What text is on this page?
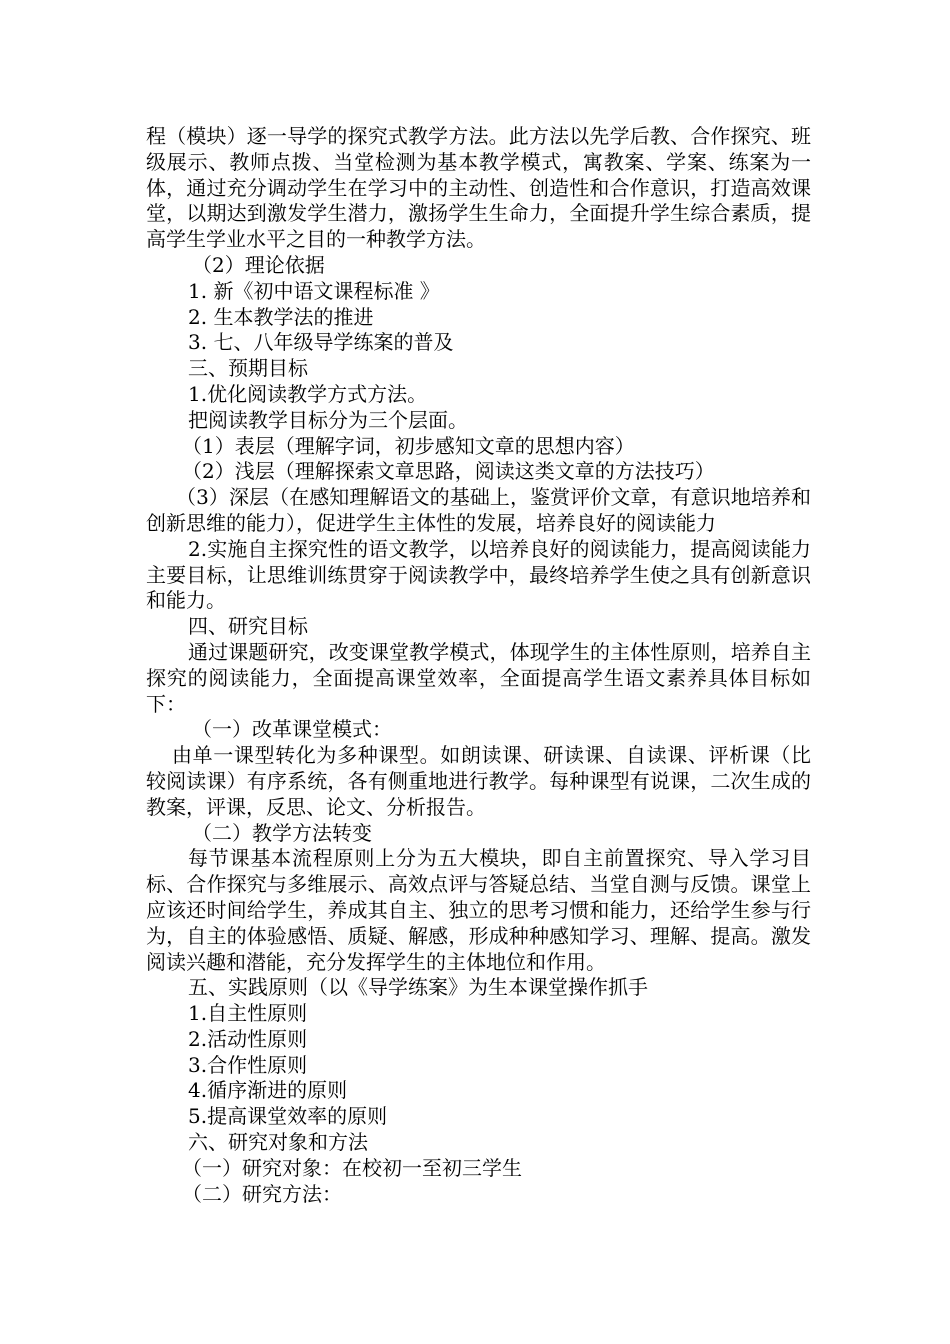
程（模块）逐一导学的探究式教学方法。此方法以先学后教、合作探究、班级展示、教师点拨、当堂检测为基本教学模式，寓教案、学案、练案为一体，通过充分调动学生在学习中的主动性、创造性和合作意识，打造高效课堂，以期达到激发学生潜力，激扬学生生命力，全面提升学生综合素质，提高学生学业水平之目的一种教学方法。

（2）理论依据

1. 新《初中语文课程标准 》

2. 生本教学法的推进

3. 七、八年级导学练案的普及

三、预期目标

1.优化阅读教学方式方法。

把阅读教学目标分为三个层面。

（1）表层（理解字词，初步感知文章的思想内容）

（2）浅层（理解探索文章思路，阅读这类文章的方法技巧）

（3）深层（在感知理解语文的基础上，鉴赏评价文章，有意识地培养和创新思维的能力），促进学生主体性的发展，培养良好的阅读能力

2.实施自主探究性的语文教学，以培养良好的阅读能力，提高阅读能力主要目标，让思维训练贯穿于阅读教学中，最终培养学生使之具有创新意识和能力。

四、研究目标

通过课题研究，改变课堂教学模式，体现学生的主体性原则，培养自主探究的阅读能力，全面提高课堂效率，全面提高学生语文素养具体目标如下：

（一）改革课堂模式：

由单一课型转化为多种课型。如朗读课、研读课、自读课、评析课（比较阅读课）有序系统，各有侧重地进行教学。每种课型有说课，二次生成的教案，评课，反思、论文、分析报告。

（二）教学方法转变

每节课基本流程原则上分为五大模块，即自主前置探究、导入学习目标、合作探究与多维展示、高效点评与答疑总结、当堂自测与反馈。课堂上应该还时间给学生，养成其自主、独立的思考习惯和能力，还给学生参与行为，自主的体验感悟、质疑、解感，形成种种感知学习、理解、提高。激发阅读兴趣和潜能，充分发挥学生的主体地位和作用。

五、实践原则（以《导学练案》为生本课堂操作抓手

1.自主性原则

2.活动性原则

3.合作性原则

4.循序渐进的原则

5.提高课堂效率的原则

六、研究对象和方法

（一）研究对象：在校初一至初三学生

（二）研究方法：
